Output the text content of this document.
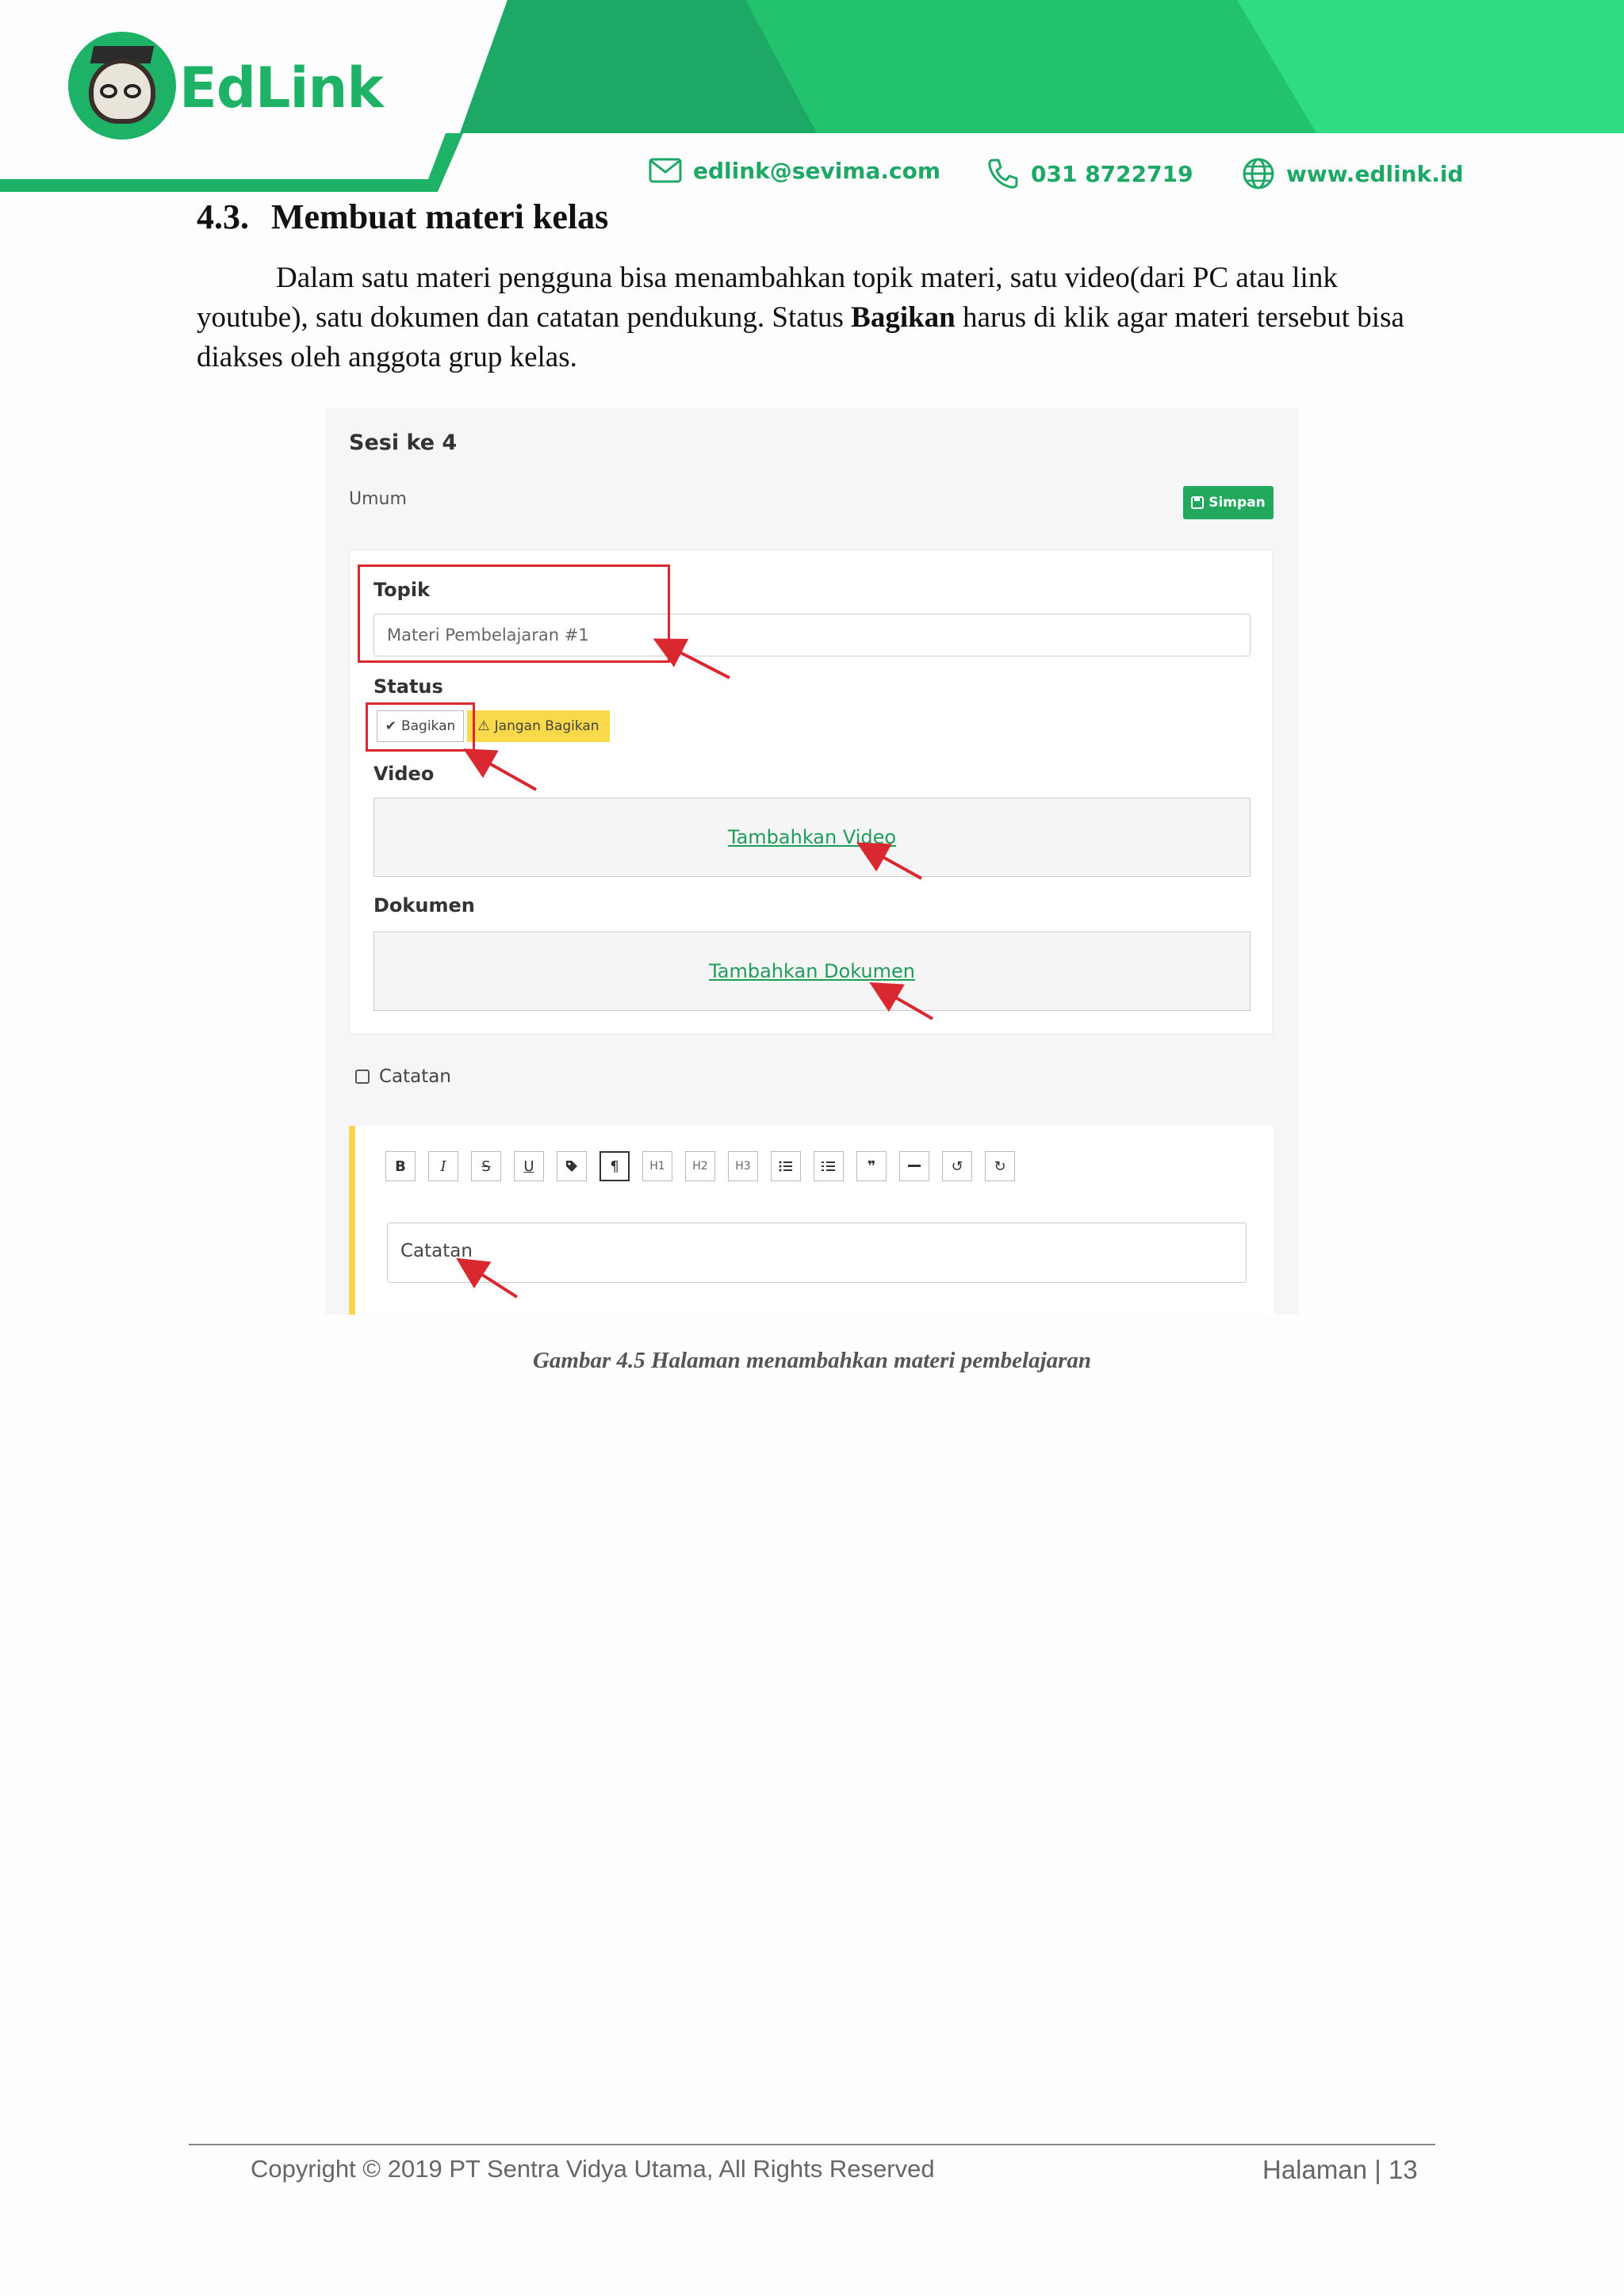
EdLink
edlink@sevima.com	031 8722719	www.edlink.id
4.3. Membuat materi kelas

Dalam satu materi pengguna bisa menambahkan topik materi, satu video(dari PC atau link youtube), satu dokumen dan catatan pendukung. Status Bagikan harus di klik agar materi tersebut bisa diakses oleh anggota grup kelas.

Sesi ke 4
Umum	Simpan
Topik
Materi Pembelajaran #1
Status
✔ Bagikan ⚠ Jangan Bagikan
Video
Tambahkan Video
Dokumen
Tambahkan Dokumen
Catatan
B	I	S	U	¶	H1	H2	H3	❞	↺	↻
Catatan
Gambar 4.5 Halaman menambahkan materi pembelajaran
Copyright © 2019 PT Sentra Vidya Utama, All Rights Reserved	Halaman | 13
